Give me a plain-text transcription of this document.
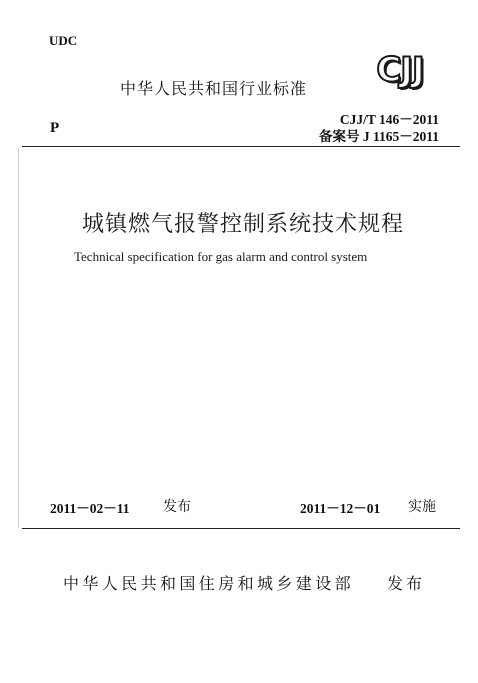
UDC
中华人民共和国行业标准	CJJ
P
CJJ/T 146－2011
备案号 J 1165－2011
城镇燃气报警控制系统技术规程
Technical specification for gas alarm and control system
2011－02－11 发布	2011－12－01 实施
中华人民共和国住房和城乡建设部 发布
